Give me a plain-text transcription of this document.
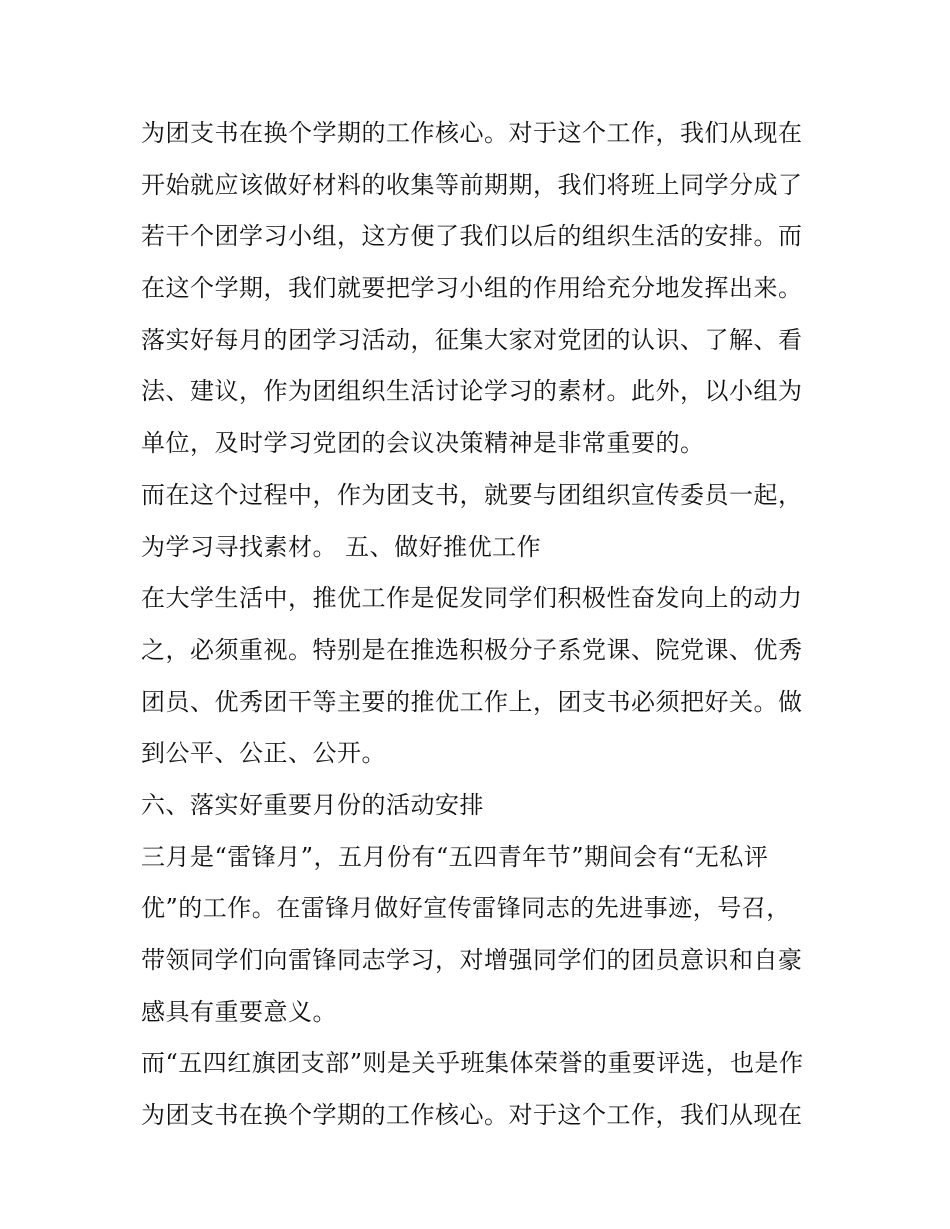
为团支书在换个学期的工作核心。对于这个工作，我们从现在

开始就应该做好材料的收集等前期期，我们将班上同学分成了

若干个团学习小组，这方便了我们以后的组织生活的安排。而

在这个学期，我们就要把学习小组的作用给充分地发挥出来。

落实好每月的团学习活动，征集大家对党团的认识、了解、看

法、建议，作为团组织生活讨论学习的素材。此外，以小组为

单位，及时学习党团的会议决策精神是非常重要的。

而在这个过程中，作为团支书，就要与团组织宣传委员一起，

为学习寻找素材。 五、做好推优工作

在大学生活中，推优工作是促发同学们积极性奋发向上的动力

之，必须重视。特别是在推选积极分子系党课、院党课、优秀

团员、优秀团干等主要的推优工作上，团支书必须把好关。做

到公平、公正、公开。

六、落实好重要月份的活动安排

三月是“雷锋月”，五月份有“五四青年节”期间会有“无私评

优”的工作。在雷锋月做好宣传雷锋同志的先进事迹，号召，

带领同学们向雷锋同志学习，对增强同学们的团员意识和自豪

感具有重要意义。

而“五四红旗团支部”则是关乎班集体荣誉的重要评选，也是作

为团支书在换个学期的工作核心。对于这个工作，我们从现在
